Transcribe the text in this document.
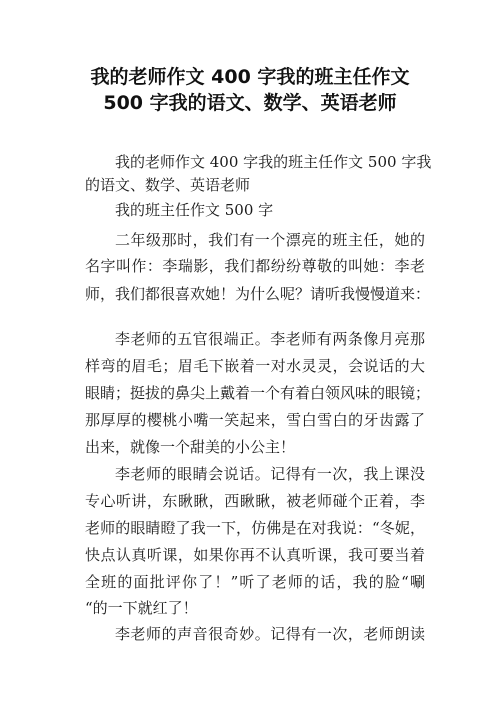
我的老师作文 400 字我的班主任作文
500 字我的语文、数学、英语老师
我的老师作文 400 字我的班主任作文 500 字我
的语文、数学、英语老师
我的班主任作文 500 字
二年级那时，我们有一个漂亮的班主任，她的
名字叫作：李瑞影，我们都纷纷尊敬的叫她：李老
师，我们都很喜欢她！为什么呢？请听我慢慢道来：
李老师的五官很端正。李老师有两条像月亮那
样弯的眉毛；眉毛下嵌着一对水灵灵，会说话的大
眼睛；挺拔的鼻尖上戴着一个有着白领风味的眼镜；
那厚厚的樱桃小嘴一笑起来，雪白雪白的牙齿露了
出来，就像一个甜美的小公主！
李老师的眼睛会说话。记得有一次，我上课没
专心听讲，东瞅瞅，西瞅瞅，被老师碰个正着，李
老师的眼睛瞪了我一下，仿佛是在对我说：“冬妮，
快点认真听课，如果你再不认真听课，我可要当着
全班的面批评你了！”听了老师的话，我的脸“唰
“的一下就红了！
李老师的声音很奇妙。记得有一次，老师朗读
